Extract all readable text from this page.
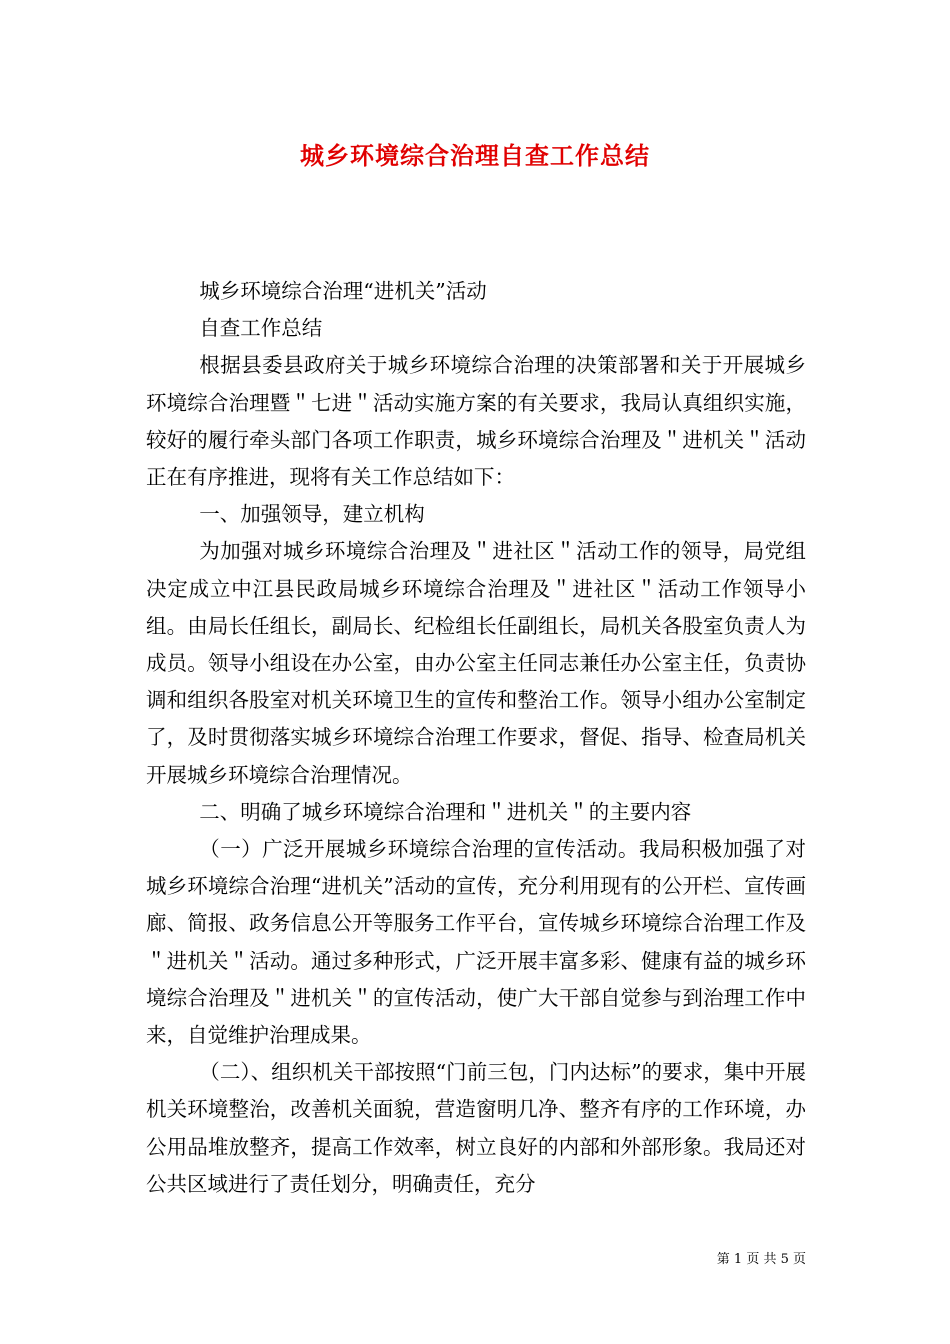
城乡环境综合治理自查工作总结

城乡环境综合治理“进机关”活动

自查工作总结

根据县委县政府关于城乡环境综合治理的决策部署和关于开展城乡环境综合治理暨＂七进＂活动实施方案的有关要求，我局认真组织实施，较好的履行牵头部门各项工作职责，城乡环境综合治理及＂进机关＂活动正在有序推进，现将有关工作总结如下：

一、加强领导，建立机构

为加强对城乡环境综合治理及＂进社区＂活动工作的领导，局党组决定成立中江县民政局城乡环境综合治理及＂进社区＂活动工作领导小组。由局长任组长，副局长、纪检组长任副组长，局机关各股室负责人为成员。领导小组设在办公室，由办公室主任同志兼任办公室主任，负责协调和组织各股室对机关环境卫生的宣传和整治工作。领导小组办公室制定了，及时贯彻落实城乡环境综合治理工作要求，督促、指导、检查局机关开展城乡环境综合治理情况。

二、明确了城乡环境综合治理和＂进机关＂的主要内容

（一）广泛开展城乡环境综合治理的宣传活动。我局积极加强了对城乡环境综合治理“进机关”活动的宣传，充分利用现有的公开栏、宣传画廊、简报、政务信息公开等服务工作平台，宣传城乡环境综合治理工作及＂进机关＂活动。通过多种形式，广泛开展丰富多彩、健康有益的城乡环境综合治理及＂进机关＂的宣传活动，使广大干部自觉参与到治理工作中来，自觉维护治理成果。

（二）、组织机关干部按照“门前三包，门内达标”的要求，集中开展机关环境整治，改善机关面貌，营造窗明几净、整齐有序的工作环境，办公用品堆放整齐，提高工作效率，树立良好的内部和外部形象。我局还对公共区域进行了责任划分，明确责任，充分

第 1 页 共 5 页
